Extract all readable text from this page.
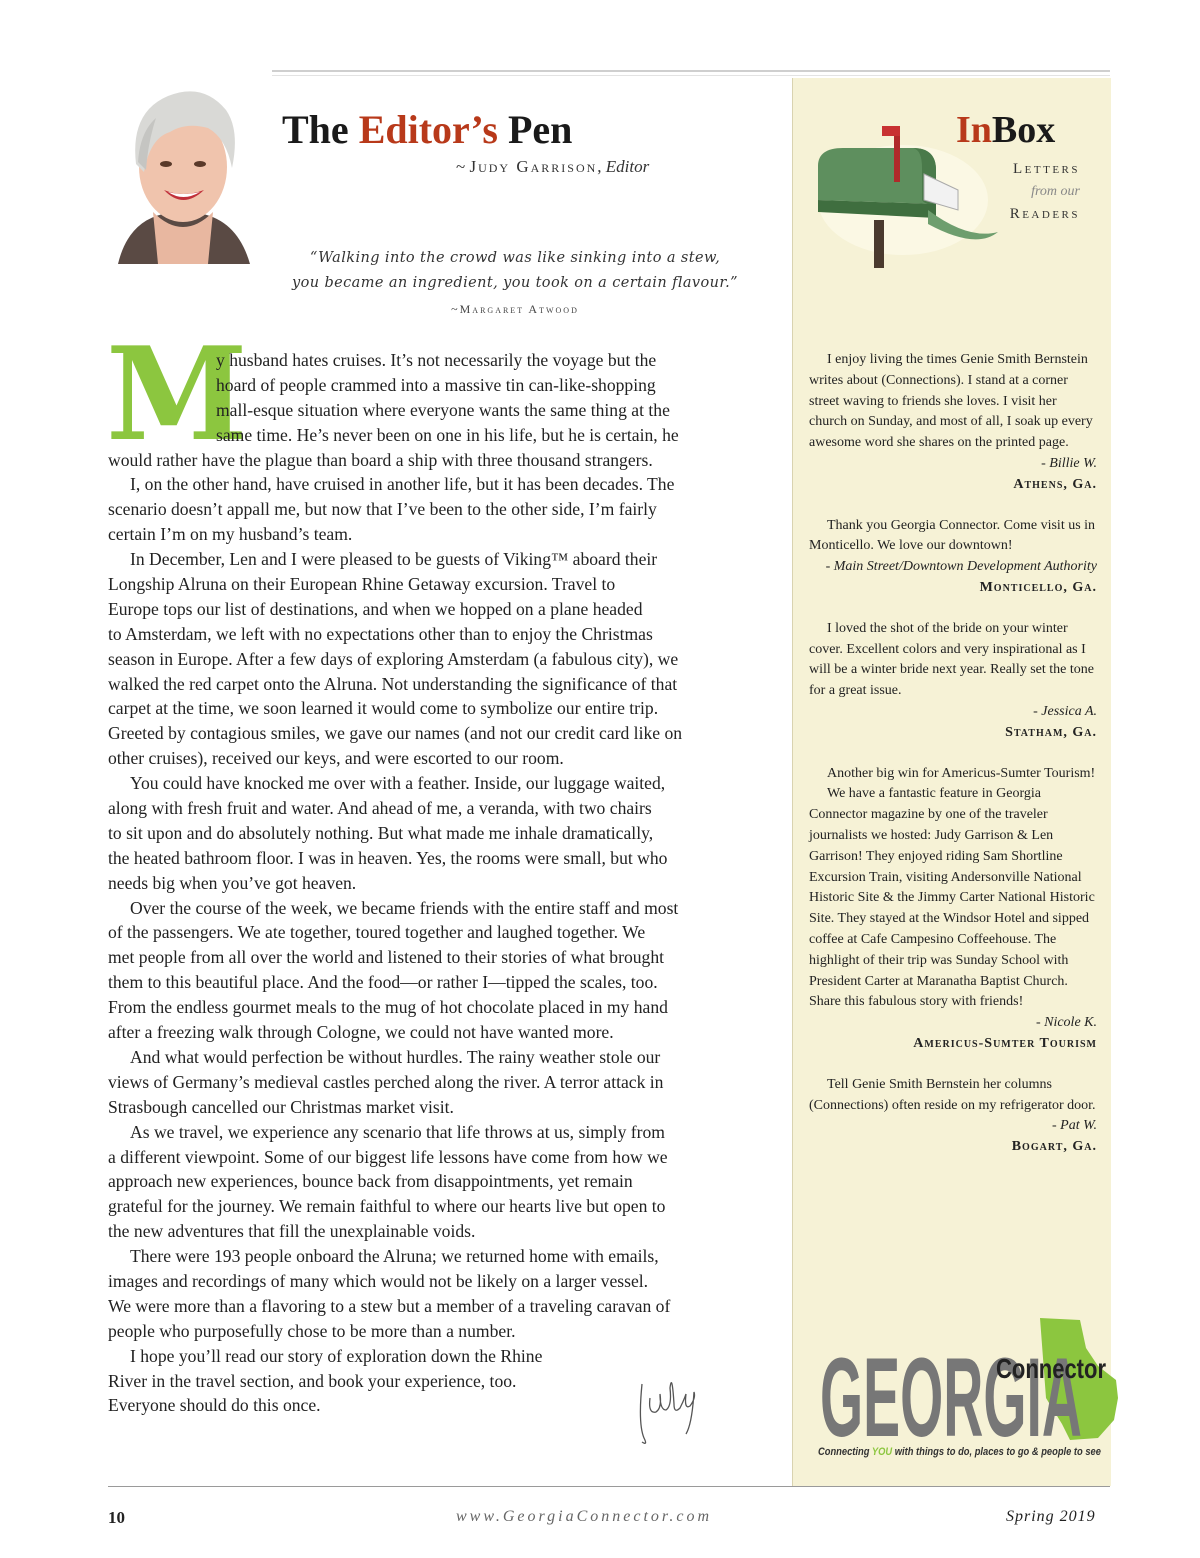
The Editor’s Pen
~ Judy Garrison, Editor
“Walking into the crowd was like sinking into a stew,
you became an ingredient, you took on a certain flavour.”
~Margaret Atwood
M
y husband hates cruises. It’s not necessarily the voyage but the
hoard of people crammed into a massive tin can-like-shopping
mall-esque situation where everyone wants the same thing at the
same time. He’s never been on one in his life, but he is certain, he
would rather have the plague than board a ship with three thousand strangers.
I, on the other hand, have cruised in another life, but it has been decades. The
scenario doesn’t appall me, but now that I’ve been to the other side, I’m fairly
certain I’m on my husband’s team.
In December, Len and I were pleased to be guests of Viking™ aboard their
Longship Alruna on their European Rhine Getaway excursion. Travel to
Europe tops our list of destinations, and when we hopped on a plane headed
to Amsterdam, we left with no expectations other than to enjoy the Christmas
season in Europe. After a few days of exploring Amsterdam (a fabulous city), we
walked the red carpet onto the Alruna. Not understanding the significance of that
carpet at the time, we soon learned it would come to symbolize our entire trip.
Greeted by contagious smiles, we gave our names (and not our credit card like on
other cruises), received our keys, and were escorted to our room.
You could have knocked me over with a feather. Inside, our luggage waited,
along with fresh fruit and water. And ahead of me, a veranda, with two chairs
to sit upon and do absolutely nothing. But what made me inhale dramatically,
the heated bathroom floor. I was in heaven. Yes, the rooms were small, but who
needs big when you’ve got heaven.
Over the course of the week, we became friends with the entire staff and most
of the passengers. We ate together, toured together and laughed together. We
met people from all over the world and listened to their stories of what brought
them to this beautiful place. And the food—or rather I—tipped the scales, too.
From the endless gourmet meals to the mug of hot chocolate placed in my hand
after a freezing walk through Cologne, we could not have wanted more.
And what would perfection be without hurdles. The rainy weather stole our
views of Germany’s medieval castles perched along the river. A terror attack in
Strasbough cancelled our Christmas market visit.
As we travel, we experience any scenario that life throws at us, simply from
a different viewpoint. Some of our biggest life lessons have come from how we
approach new experiences, bounce back from disappointments, yet remain
grateful for the journey. We remain faithful to where our hearts live but open to
the new adventures that fill the unexplainable voids.
There were 193 people onboard the Alruna; we returned home with emails,
images and recordings of many which would not be likely on a larger vessel.
We were more than a flavoring to a stew but a member of a traveling caravan of
people who purposefully chose to be more than a number.
I hope you’ll read our story of exploration down the Rhine
River in the travel section, and book your experience, too.
Everyone should do this once.
InBox
Letters
from our
Readers

I enjoy living the times Genie Smith Bernstein writes about (Connections). I stand at a corner street waving to friends she loves. I visit her church on Sunday, and most of all, I soak up every awesome word she shares on the printed page.

- Billie W.
Athens, Ga.

Thank you Georgia Connector. Come visit us in Monticello. We love our downtown!

- Main Street/Downtown Development Authority
Monticello, Ga.

I loved the shot of the bride on your winter cover. Excellent colors and very inspirational as I will be a winter bride next year. Really set the tone for a great issue.

- Jessica A.
Statham, Ga.

Another big win for Americus-Sumter Tourism!

We have a fantastic feature in Georgia Connector magazine by one of the traveler journalists we hosted: Judy Garrison & Len Garrison! They enjoyed riding Sam Shortline Excursion Train, visiting Andersonville National Historic Site & the Jimmy Carter National Historic Site. They stayed at the Windsor Hotel and sipped coffee at Cafe Campesino Coffeehouse. The highlight of their trip was Sunday School with President Carter at Maranatha Baptist Church. Share this fabulous story with friends!

- Nicole K.
Americus-Sumter Tourism

Tell Genie Smith Bernstein her columns (Connections) often reside on my refrigerator door.

- Pat W.
Bogart, Ga.
GEORGIA
Connector
Connecting YOU with things to do, places to go & people to see
10	www.GeorgiaConnector.com	Spring 2019
